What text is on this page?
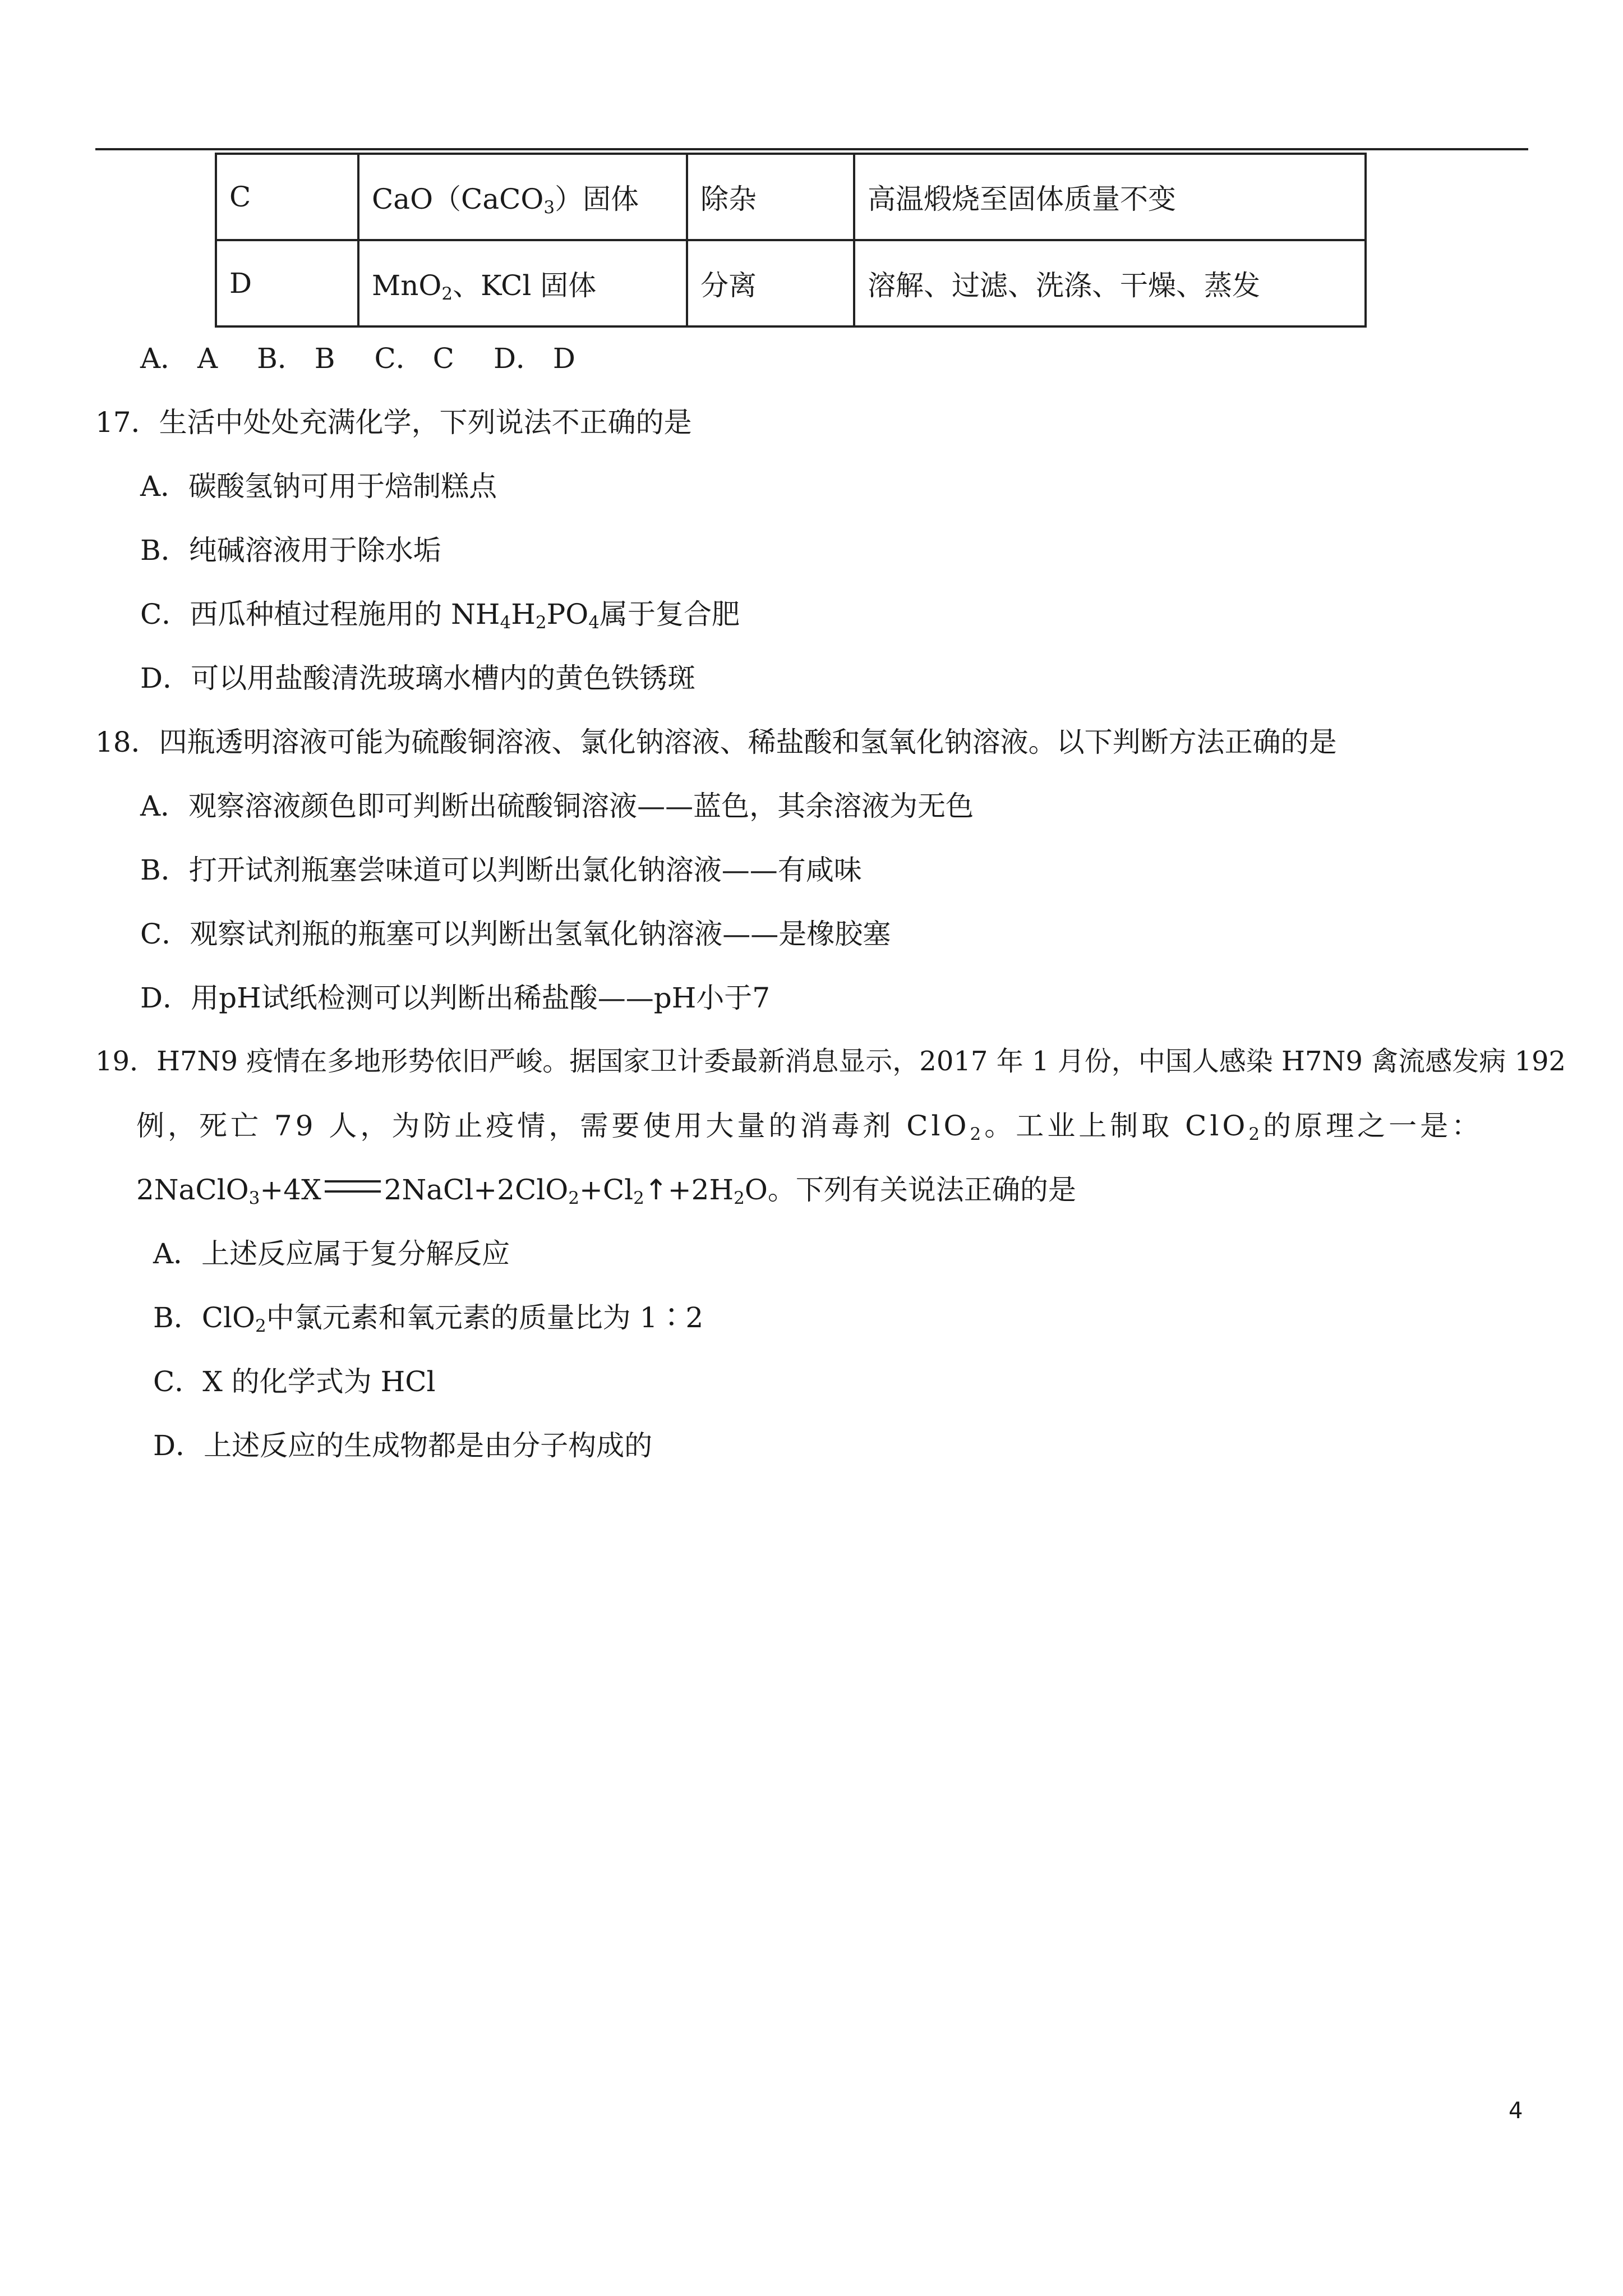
C	CaO（CaCO$_3$）固体	除杂	高温煅烧至固体质量不变
D	MnO$_2$、KCl 固体	分离	溶解、过滤、洗涤、干燥、蒸发
A． A B． B C． C D． D
17．生活中处处充满化学，下列说法不正确的是
A．碳酸氢钠可用于焙制糕点
B．纯碱溶液用于除水垢
C．西瓜种植过程施用的 $NH_4H_2PO_4$属于复合肥
D．可以用盐酸清洗玻璃水槽内的黄色铁锈斑
18．四瓶透明溶液可能为硫酸铜溶液、氯化钠溶液、稀盐酸和氢氧化钠溶液。以下判断方法正确的是
A．观察溶液颜色即可判断出硫酸铜溶液——蓝色，其余溶液为无色
B．打开试剂瓶塞尝味道可以判断出氯化钠溶液——有咸味
C．观察试剂瓶的瓶塞可以判断出氢氧化钠溶液——是橡胶塞
D．用pH试纸检测可以判断出稀盐酸——pH小于7
19．H7N9 疫情在多地形势依旧严峻。据国家卫计委最新消息显示，2017 年 1 月份，中国人感染 H7N9 禽流感发病 192
例，死亡 79 人，为防止疫情，需要使用大量的消毒剂 ClO$_2$。工业上制取 ClO$_2$的原理之一是：
2NaClO$_3$+4X $2NaCl+2ClO_2+Cl_2↑+2H_2O$。下列有关说法正确的是
A．上述反应属于复分解反应
B．ClO$_2$中氯元素和氧元素的质量比为 1∶2
C．X 的化学式为 HCl
D．上述反应的生成物都是由分子构成的
4
